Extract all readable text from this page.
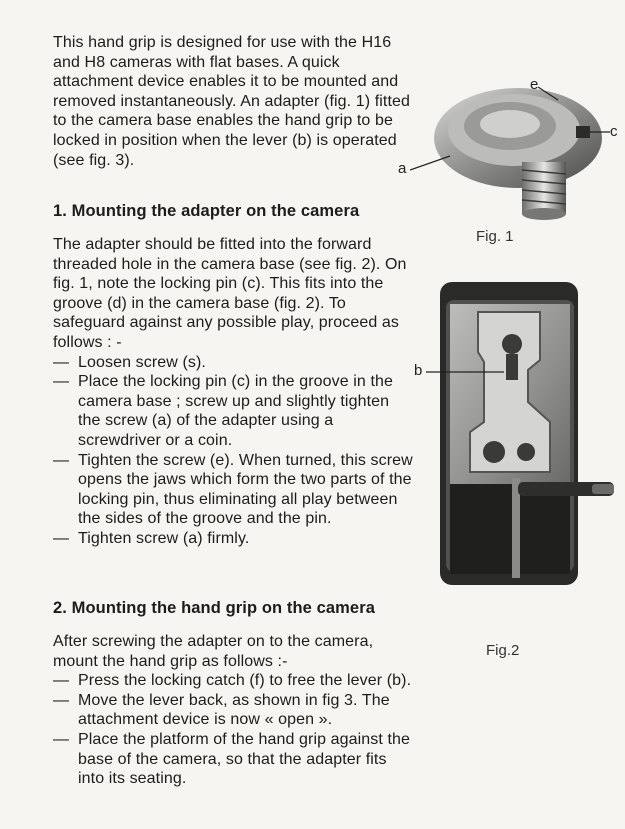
This hand grip is designed for use with the H16 and H8 cameras with flat bases. A quick attachment device enables it to be mounted and removed instantaneously. An adapter (fig. 1) fitted to the camera base enables the hand grip to be locked in position when the lever (b) is operated (see fig. 3).

1. Mounting the adapter on the camera

The adapter should be fitted into the forward threaded hole in the camera base (see fig. 2). On fig. 1, note the locking pin (c). This fits into the groove (d) in the camera base (fig. 2). To safeguard against any possible play, proceed as follows : -

— Loosen screw (s).
— Place the locking pin (c) in the groove in the camera base ; screw up and slightly tighten the screw (a) of the adapter using a screwdriver or a coin.
— Tighten the screw (e). When turned, this screw opens the jaws which form the two parts of the locking pin, thus eliminating all play between the sides of the groove and the pin.
— Tighten screw (a) firmly.

2. Mounting the hand grip on the camera

After screwing the adapter on to the camera, mount the hand grip as follows :-

— Press the locking catch (f) to free the lever (b).
— Move the lever back, as shown in fig 3. The attachment device is now « open ».
— Place the platform of the hand grip against the base of the camera, so that the adapter fits into its seating.
a
e
c
Fig. 1
b
Fig.2
